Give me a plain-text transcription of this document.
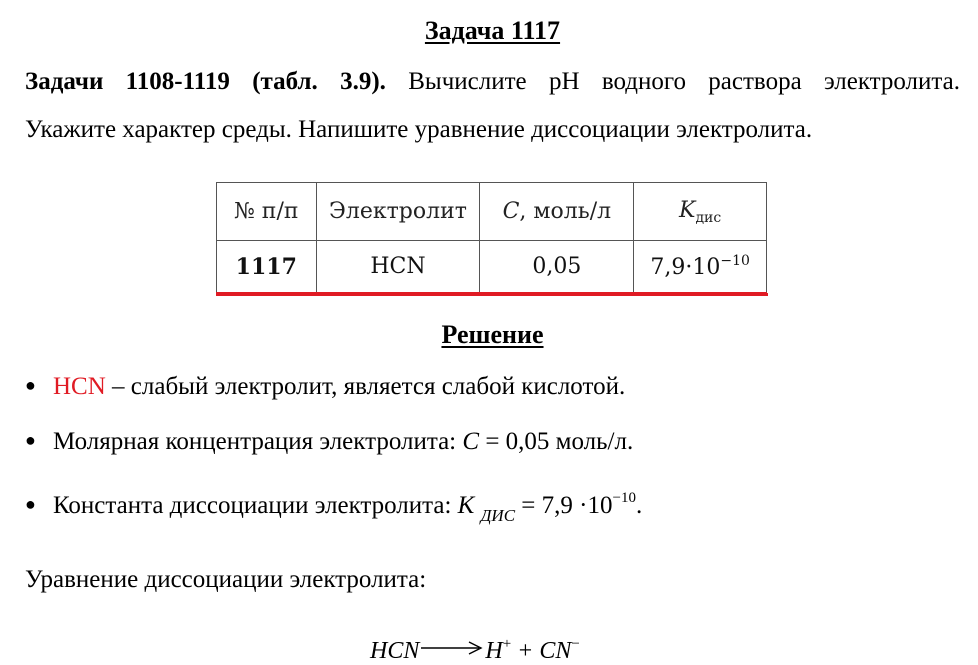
Задача 1117
Задачи 1108-1119 (табл. 3.9). Вычислите pH водного раствора электролита.
Укажите характер среды. Напишите уравнение диссоциации электролита.
№ п/п	Электролит	С, моль/л	$K_{дис}$
1117	HCN	0,05	$7,9\cdot 10^{-10}$
Решение
● HCN – слабый электролит, является слабой кислотой.
● Молярная концентрация электролита: C = 0,05 моль/л.
● Константа диссоциации электролита: K $_{ДИС} = 7,9 \cdot 10^{-10}$.
Уравнение диссоциации электролита:
HCN→H+ + CN−
